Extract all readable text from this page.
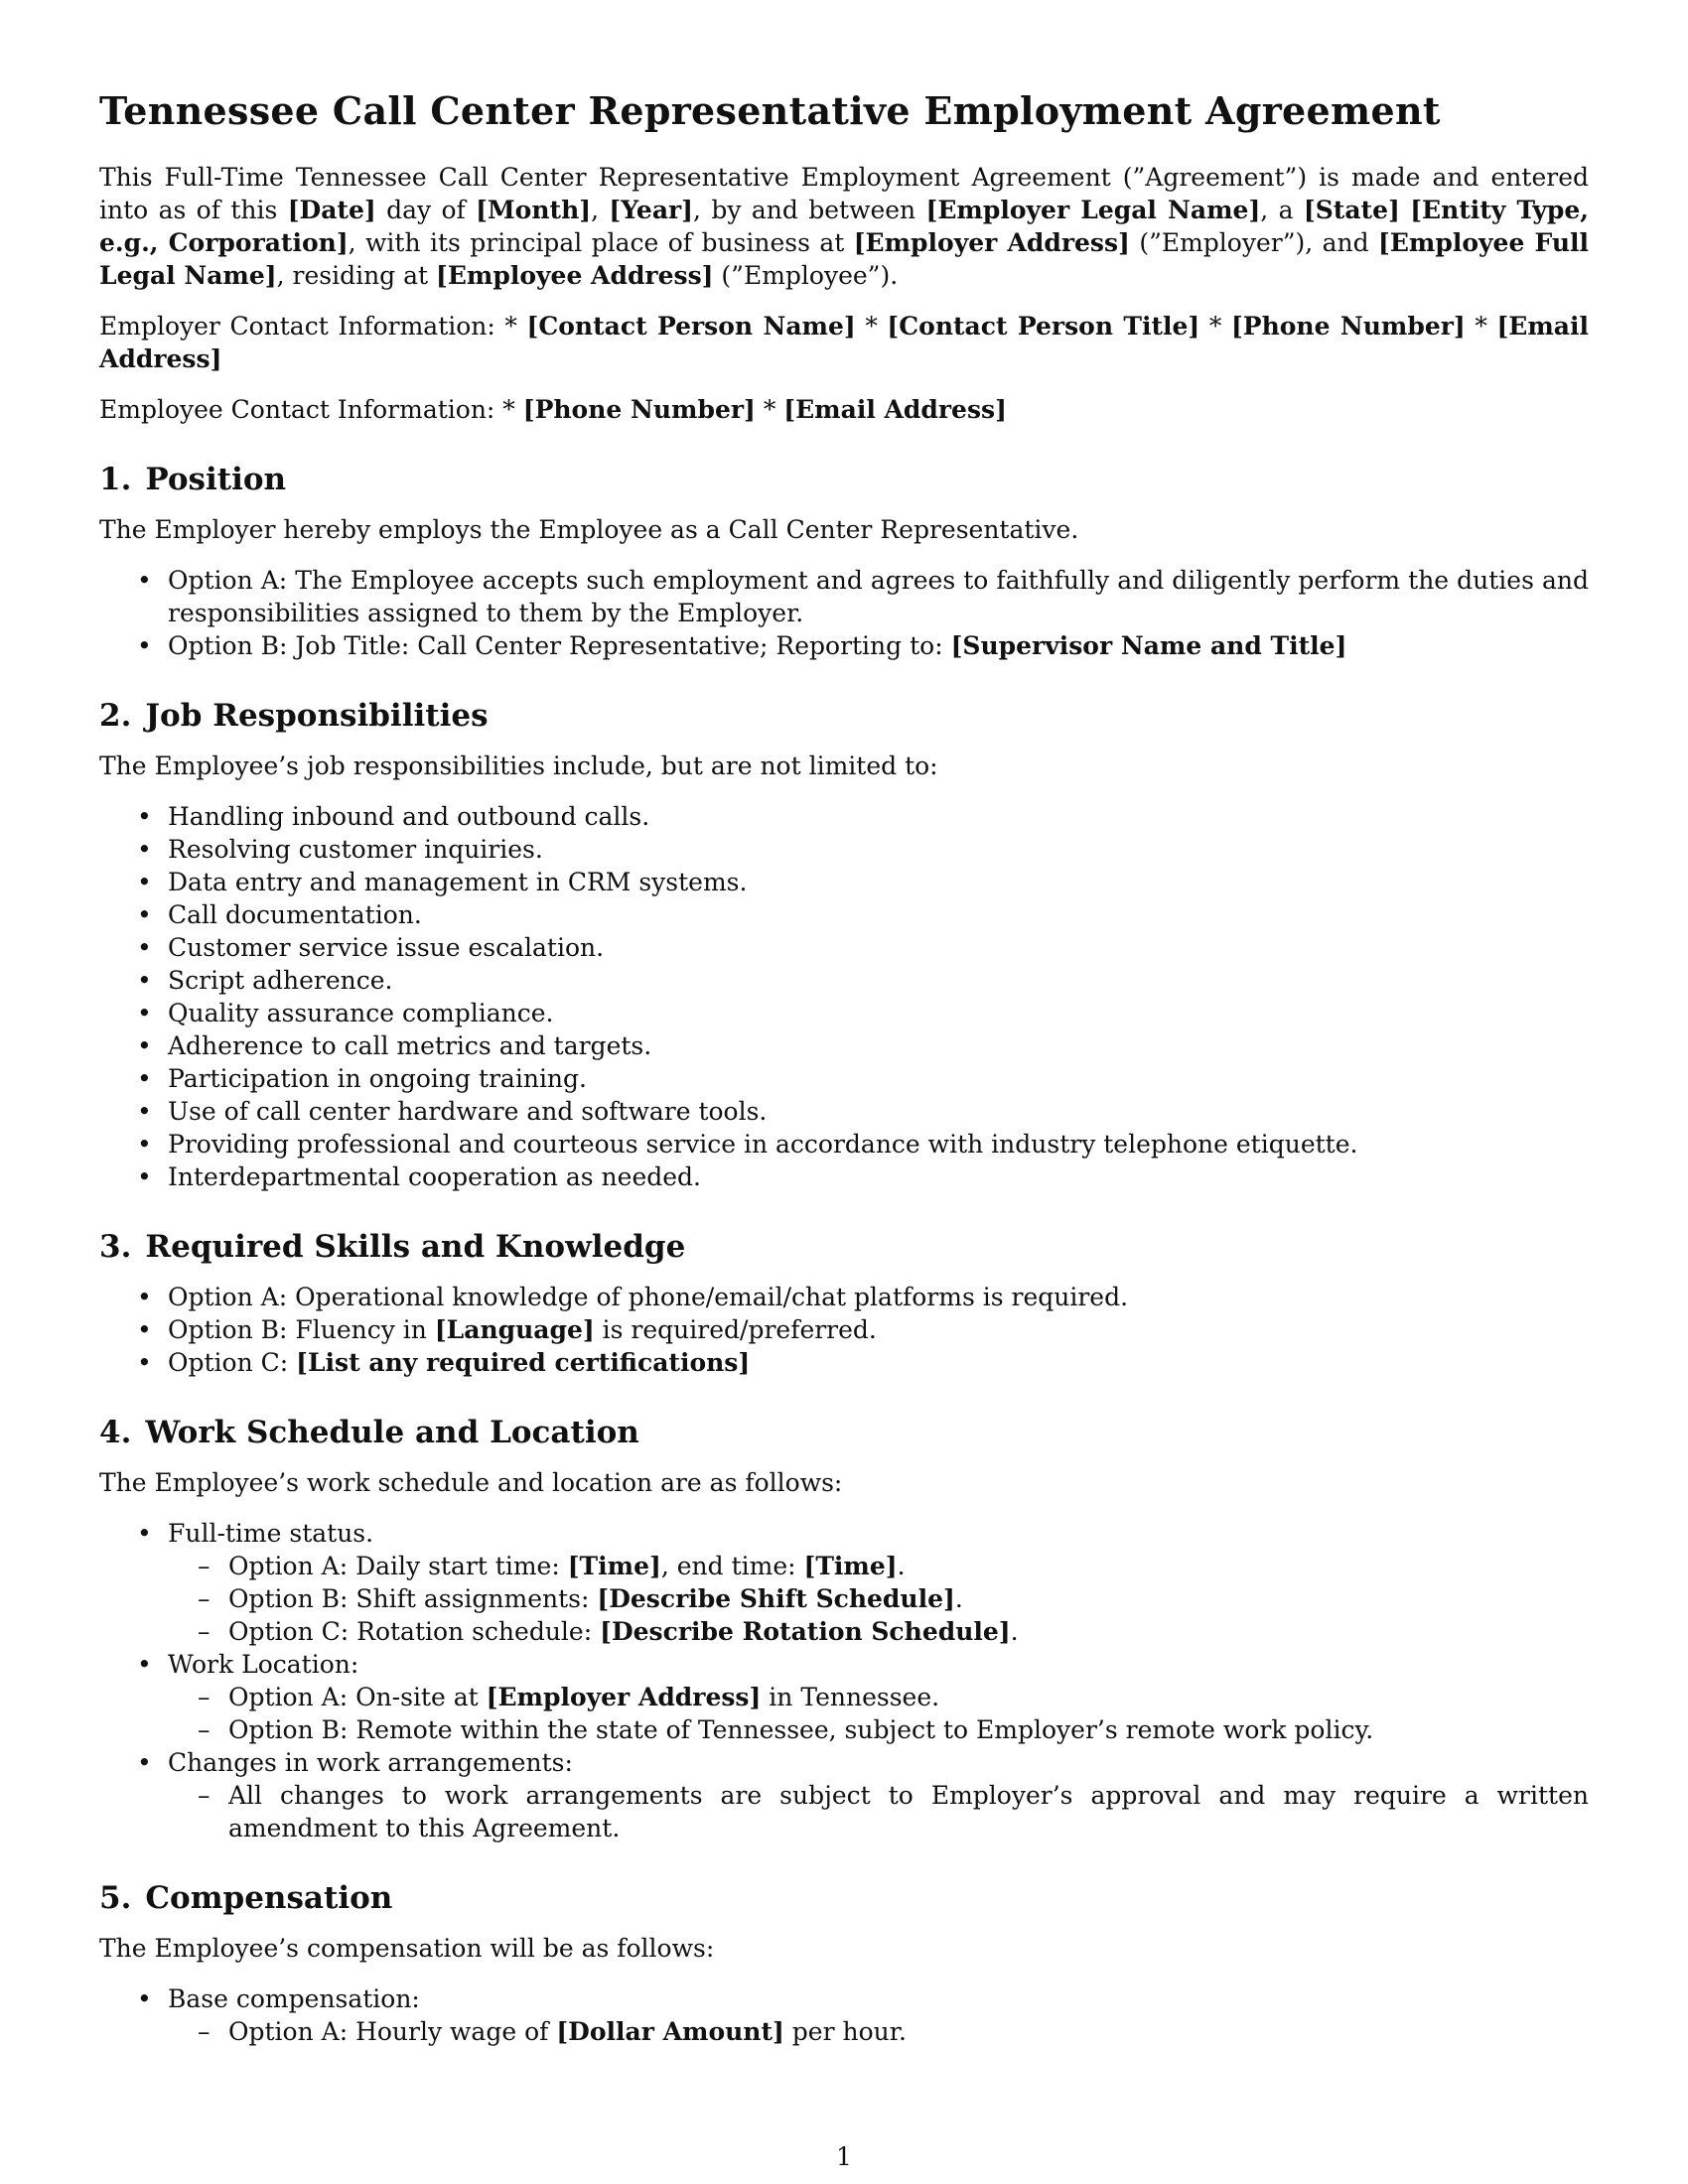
Tennessee Call Center Representative Employment Agreement

This Full-Time Tennessee Call Center Representative Employment Agreement (”Agreement”) is made and entered into as of this [Date] day of [Month], [Year], by and between [Employer Legal Name], a [State] [Entity Type, e.g., Corporation], with its principal place of business at [Employer Address] (”Employer”), and [Employee Full Legal Name], residing at [Employee Address] (”Employee”).

Employer Contact Information: * [Contact Person Name] * [Contact Person Title] * [Phone Number] * [Email Address]

Employee Contact Information: * [Phone Number] * [Email Address]

1. Position

The Employer hereby employs the Employee as a Call Center Representative.

• Option A: The Employee accepts such employment and agrees to faithfully and diligently perform the duties and responsibilities assigned to them by the Employer.
• Option B: Job Title: Call Center Representative; Reporting to: [Supervisor Name and Title]
2. Job Responsibilities

The Employee’s job responsibilities include, but are not limited to:

• Handling inbound and outbound calls.
• Resolving customer inquiries.
• Data entry and management in CRM systems.
• Call documentation.
• Customer service issue escalation.
• Script adherence.
• Quality assurance compliance.
• Adherence to call metrics and targets.
• Participation in ongoing training.
• Use of call center hardware and software tools.
• Providing professional and courteous service in accordance with industry telephone etiquette.
• Interdepartmental cooperation as needed.
3. Required Skills and Knowledge
• Option A: Operational knowledge of phone/email/chat platforms is required.
• Option B: Fluency in [Language] is required/preferred.
• Option C: [List any required certifications]
4. Work Schedule and Location

The Employee’s work schedule and location are as follows:

• Full-time status.
– Option A: Daily start time: [Time], end time: [Time].
– Option B: Shift assignments: [Describe Shift Schedule].
– Option C: Rotation schedule: [Describe Rotation Schedule].
• Work Location:
– Option A: On-site at [Employer Address] in Tennessee.
– Option B: Remote within the state of Tennessee, subject to Employer’s remote work policy.
• Changes in work arrangements:
– All changes to work arrangements are subject to Employer’s approval and may require a written amendment to this Agreement.
5. Compensation

The Employee’s compensation will be as follows:

• Base compensation:
– Option A: Hourly wage of [Dollar Amount] per hour.
1
